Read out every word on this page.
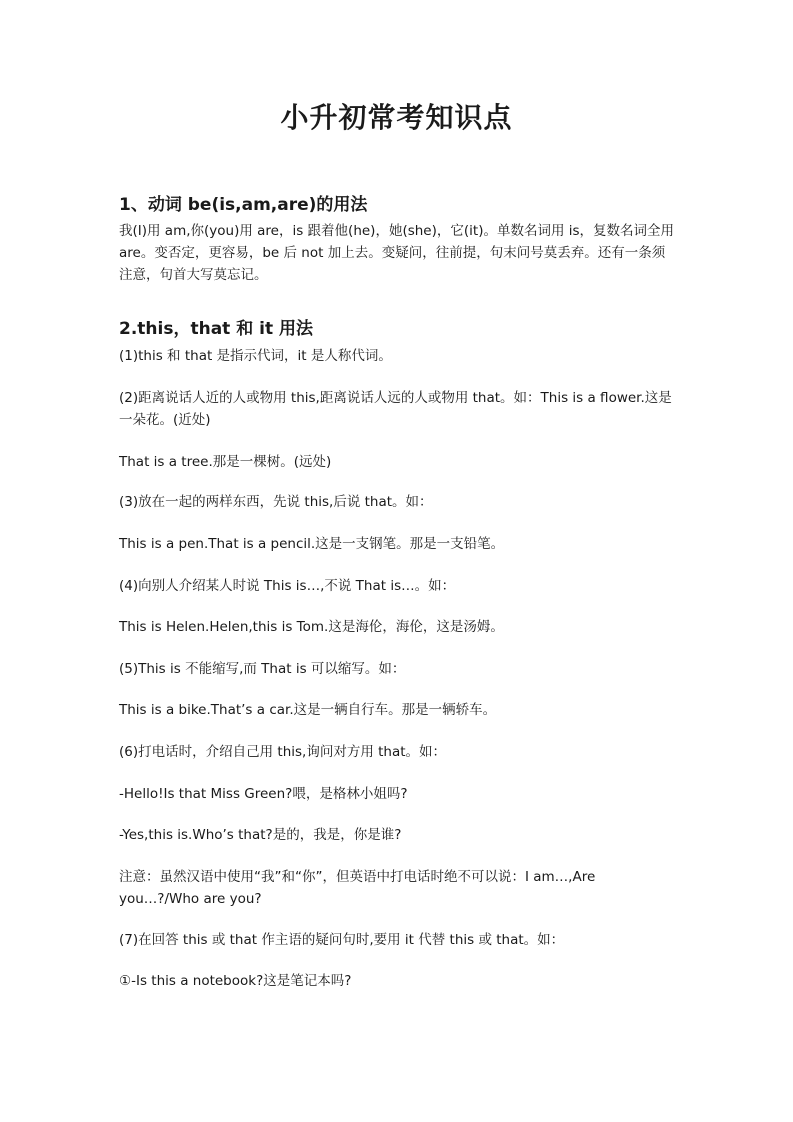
小升初常考知识点
1、动词 be(is,am,are)的用法

我(I)用 am,你(you)用 are，is 跟着他(he)，她(she)，它(it)。单数名词用 is，复数名词全用 are。变否定，更容易，be 后 not 加上去。变疑问，往前提，句末问号莫丢弃。还有一条须注意，句首大写莫忘记。

2.this，that 和 it 用法

(1)this 和 that 是指示代词，it 是人称代词。

(2)距离说话人近的人或物用 this,距离说话人远的人或物用 that。如：This is a flower.这是一朵花。(近处)

That is a tree.那是一棵树。(远处)

(3)放在一起的两样东西，先说 this,后说 that。如：

This is a pen.That is a pencil.这是一支钢笔。那是一支铅笔。

(4)向别人介绍某人时说 This is…,不说 That is…。如：

This is Helen.Helen,this is Tom.这是海伦，海伦，这是汤姆。

(5)This is 不能缩写,而 That is 可以缩写。如：

This is a bike.That’s a car.这是一辆自行车。那是一辆轿车。

(6)打电话时，介绍自己用 this,询问对方用 that。如：

-Hello!Is that Miss Green?喂，是格林小姐吗?

-Yes,this is.Who’s that?是的，我是，你是谁?

注意：虽然汉语中使用“我”和“你”，但英语中打电话时绝不可以说：I am…,Are you…?/Who are you?

(7)在回答 this 或 that 作主语的疑问句时,要用 it 代替 this 或 that。如：

①-Is this a notebook?这是笔记本吗?
